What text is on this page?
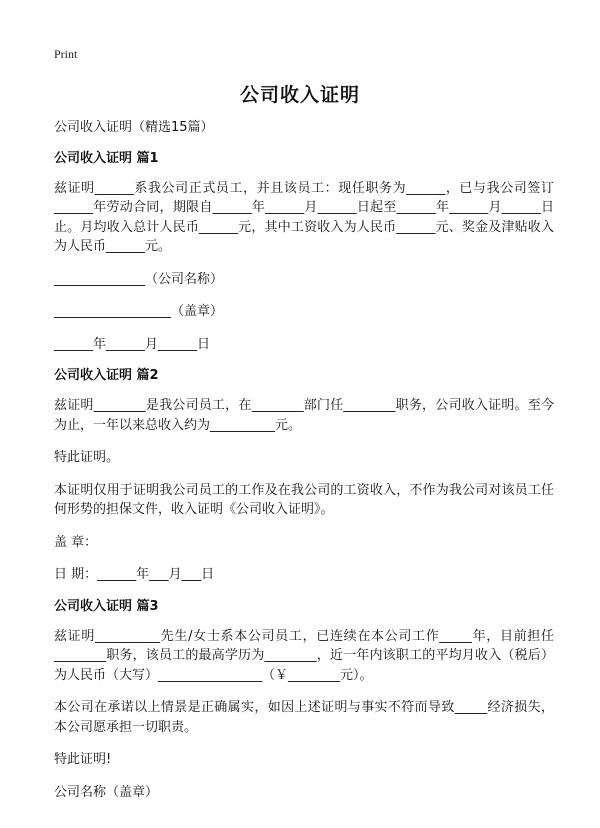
Print
公司收入证明

公司收入证明（精选15篇）

公司收入证明 篇1

兹证明______系我公司正式员工，并且该员工：现任职务为______，已与我公司签订______年劳动合同，期限自______年______月______日起至______年______月______日止。月均收入总计人民币______元，其中工资收入为人民币______元、奖金及津贴收入为人民币______元。

______________（公司名称）

__________________（盖章）

______年______月______日

公司收入证明 篇2

兹证明________是我公司员工，在________部门任________职务，公司收入证明。至今为止，一年以来总收入约为__________元。

特此证明。

本证明仅用于证明我公司员工的工作及在我公司的工资收入，不作为我公司对该员工任何形势的担保文件，收入证明《公司收入证明》。

盖 章：

日 期：______年___月___日

公司收入证明 篇3

兹证明__________先生/女士系本公司员工，已连续在本公司工作_____年，目前担任________职务，该员工的最高学历为________，近一年内该职工的平均月收入（税后）为人民币（大写）________________（￥________元）。

本公司在承诺以上情景是正确属实，如因上述证明与事实不符而导致_____经济损失，本公司愿承担一切职责。

特此证明!

公司名称（盖章）
